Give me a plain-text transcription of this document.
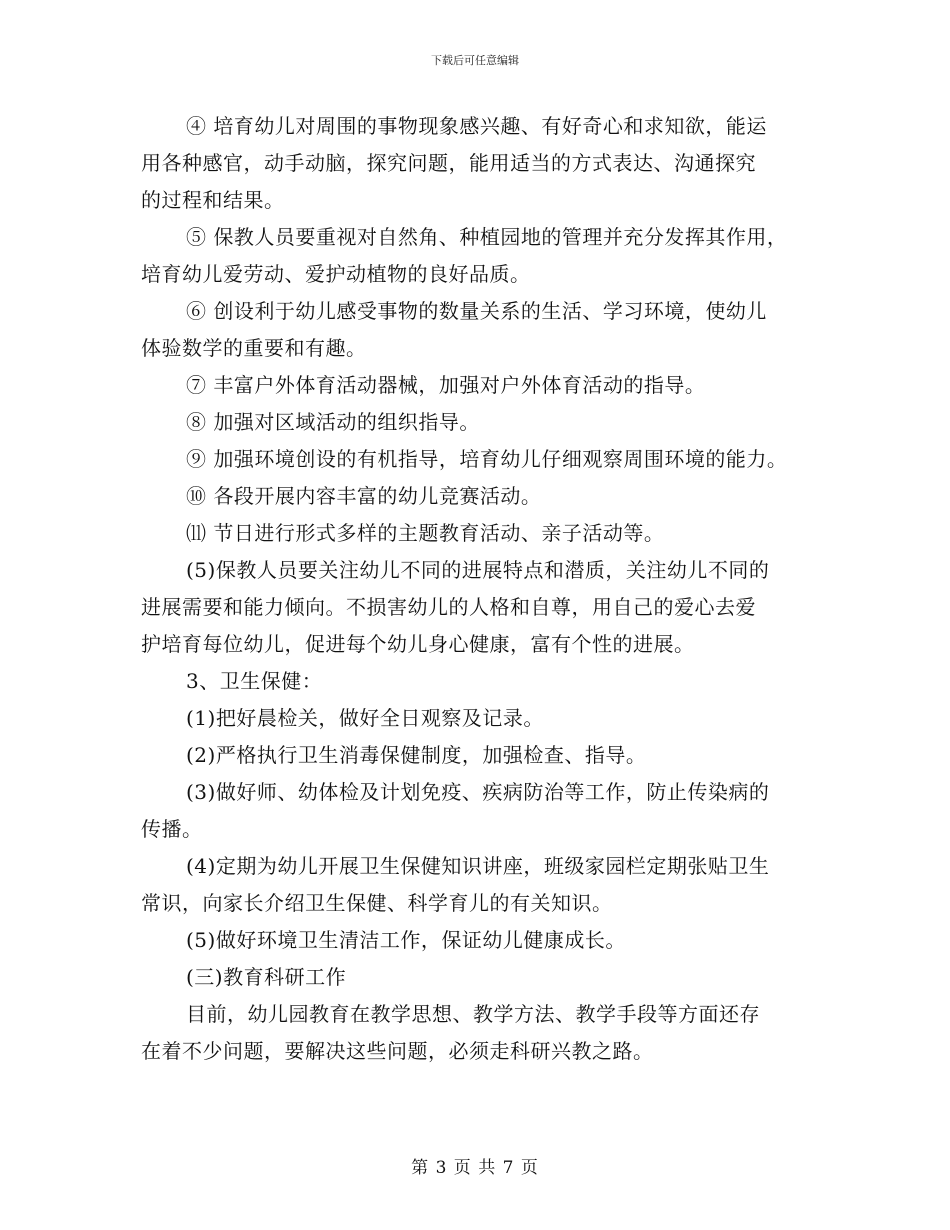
下载后可任意编辑

④ 培育幼儿对周围的事物现象感兴趣、有好奇心和求知欲，能运

用各种感官，动手动脑，探究问题，能用适当的方式表达、沟通探究

的过程和结果。

⑤ 保教人员要重视对自然角、种植园地的管理并充分发挥其作用，

培育幼儿爱劳动、爱护动植物的良好品质。

⑥ 创设利于幼儿感受事物的数量关系的生活、学习环境，使幼儿

体验数学的重要和有趣。

⑦ 丰富户外体育活动器械，加强对户外体育活动的指导。

⑧ 加强对区域活动的组织指导。

⑨ 加强环境创设的有机指导，培育幼儿仔细观察周围环境的能力。

⑩ 各段开展内容丰富的幼儿竞赛活动。

⑾ 节日进行形式多样的主题教育活动、亲子活动等。

(5)保教人员要关注幼儿不同的进展特点和潜质，关注幼儿不同的

进展需要和能力倾向。不损害幼儿的人格和自尊，用自己的爱心去爱

护培育每位幼儿，促进每个幼儿身心健康，富有个性的进展。

3、卫生保健：

(1)把好晨检关，做好全日观察及记录。

(2)严格执行卫生消毒保健制度，加强检查、指导。

(3)做好师、幼体检及计划免疫、疾病防治等工作，防止传染病的

传播。

(4)定期为幼儿开展卫生保健知识讲座，班级家园栏定期张贴卫生

常识，向家长介绍卫生保健、科学育儿的有关知识。

(5)做好环境卫生清洁工作，保证幼儿健康成长。

(三)教育科研工作

目前，幼儿园教育在教学思想、教学方法、教学手段等方面还存

在着不少问题，要解决这些问题，必须走科研兴教之路。

第 3 页 共 7 页
